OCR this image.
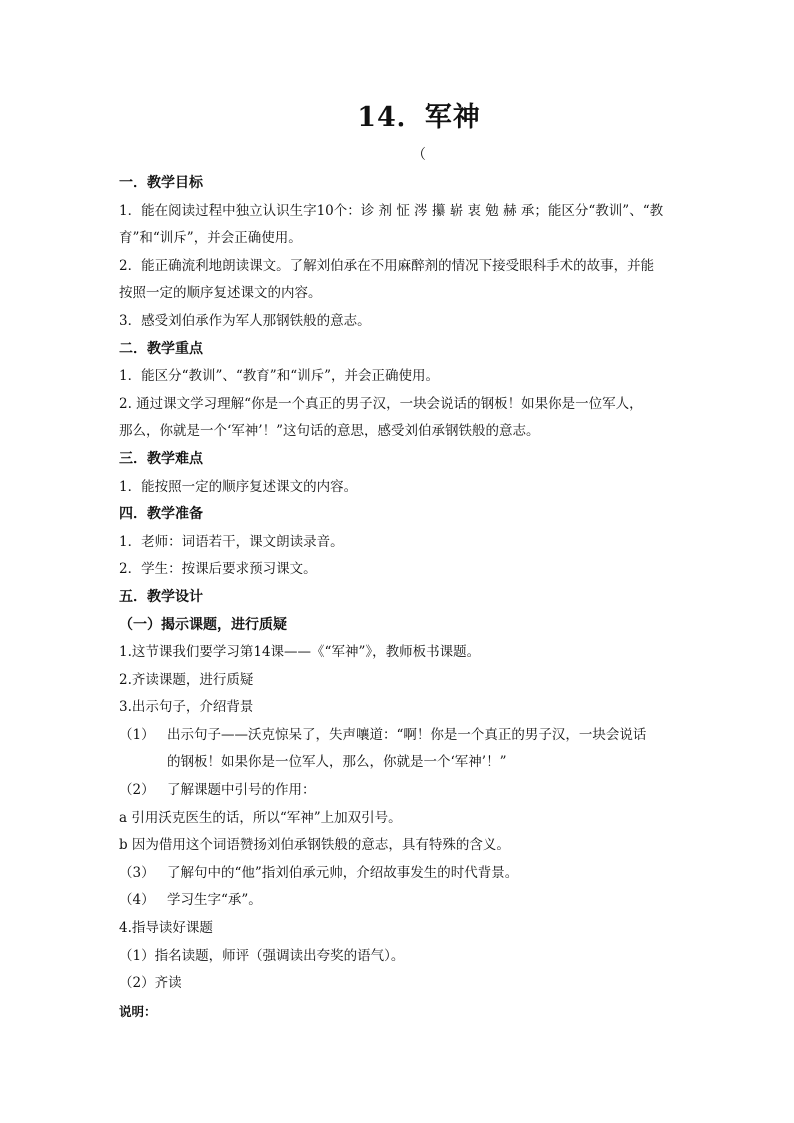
14．军神
（
一．教学目标
1．能在阅读过程中独立认识生字10个：诊 剂 怔 涔 攥 崭 衷 勉 赫 承；能区分“教训”、“教
育”和“训斥”，并会正确使用。
2．能正确流利地朗读课文。了解刘伯承在不用麻醉剂的情况下接受眼科手术的故事，并能
按照一定的顺序复述课文的内容。
3．感受刘伯承作为军人那钢铁般的意志。
二．教学重点
1．能区分“教训”、“教育”和“训斥”，并会正确使用。
2. 通过课文学习理解“你是一个真正的男子汉，一块会说话的钢板！如果你是一位军人，
那么，你就是一个‘军神’！”这句话的意思，感受刘伯承钢铁般的意志。
三．教学难点
1．能按照一定的顺序复述课文的内容。
四．教学准备
1．老师：词语若干，课文朗读录音。
2．学生：按课后要求预习课文。
五．教学设计
（一）揭示课题，进行质疑
1.这节课我们要学习第14课——《“军神”》，教师板书课题。
2.齐读课题，进行质疑
3.出示句子，介绍背景
（1） 出示句子——沃克惊呆了，失声嚷道：“啊！你是一个真正的男子汉，一块会说话
的钢板！如果你是一位军人，那么，你就是一个‘军神’！”
（2） 了解课题中引号的作用：
a 引用沃克医生的话，所以“军神”上加双引号。
b 因为借用这个词语赞扬刘伯承钢铁般的意志，具有特殊的含义。
（3） 了解句中的“他”指刘伯承元帅，介绍故事发生的时代背景。
（4） 学习生字“承”。
4.指导读好课题
（1）指名读题，师评（强调读出夸奖的语气）。
（2）齐读
说明：
